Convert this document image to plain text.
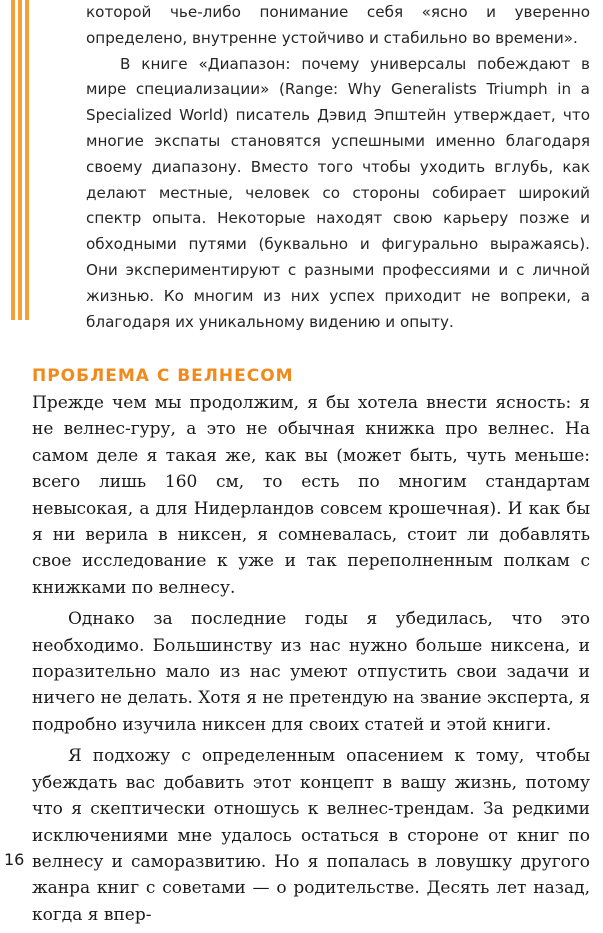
которой чье-либо понимание себя «ясно и уверенно определено, внутренне устойчиво и стабильно во времени».

В книге «Диапазон: почему универсалы побеждают в мире специализации» (Range: Why Generalists Triumph in a Specialized World) писатель Дэвид Эпштейн утверждает, что многие экспаты становятся успешными именно благодаря своему диапазону. Вместо того чтобы уходить вглубь, как делают местные, человек со стороны собирает широкий спектр опыта. Некоторые находят свою карьеру позже и обходными путями (буквально и фигурально выражаясь). Они экспериментируют с разными профессиями и с личной жизнью. Ко многим из них успех приходит не вопреки, а благодаря их уникальному видению и опыту.

ПРОБЛЕМА С ВЕЛНЕСОМ

Прежде чем мы продолжим, я бы хотела внести ясность: я не велнес-гуру, а это не обычная книжка про велнес. На самом деле я такая же, как вы (может быть, чуть меньше: всего лишь 160 см, то есть по многим стандартам невысокая, а для Нидерландов совсем крошечная). И как бы я ни верила в никсен, я сомневалась, стоит ли добавлять свое исследование к уже и так переполненным полкам с книжками по велнесу.

Однако за последние годы я убедилась, что это необходимо. Большинству из нас нужно больше никсена, и поразительно мало из нас умеют отпустить свои задачи и ничего не делать. Хотя я не претендую на звание эксперта, я подробно изучила никсен для своих статей и этой книги.

Я подхожу с определенным опасением к тому, чтобы убеждать вас добавить этот концепт в вашу жизнь, потому что я скептически отношусь к велнес-трендам. За редкими исключениями мне удалось остаться в стороне от книг по велнесу и саморазвитию. Но я попалась в ловушку другого жанра книг с советами — о родительстве. Десять лет назад, когда я впер-

16
